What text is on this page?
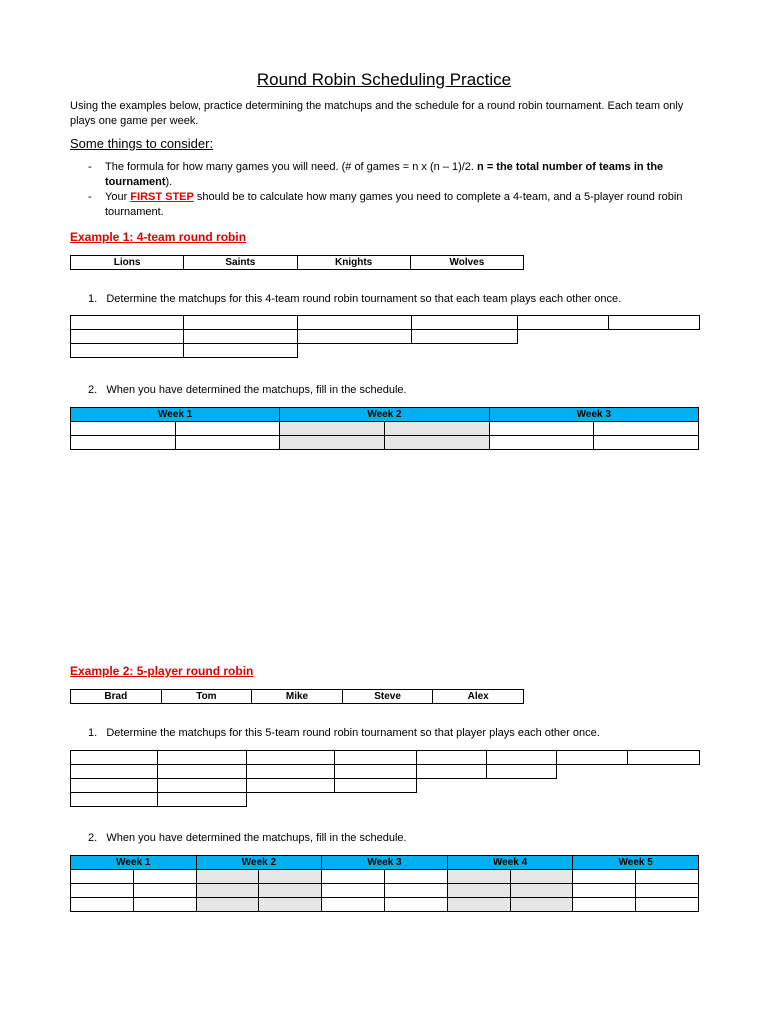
Round Robin Scheduling Practice
Using the examples below, practice determining the matchups and the schedule for a round robin tournament. Each team only plays one game per week.
Some things to consider:
- The formula for how many games you will need. (# of games = n x (n – 1)/2. n = the total number of teams in the tournament).
- Your FIRST STEP should be to calculate how many games you need to complete a 4-team, and a 5-player round robin tournament.
Example 1: 4-team round robin
Lions	Saints	Knights	Wolves
1.   Determine the matchups for this 4-team round robin tournament so that each team plays each other once.

2.   When you have determined the matchups, fill in the schedule.
Week 1		Week 2		Week 3	

Example 2: 5-player round robin
Brad	Tom	Mike	Steve	Alex
1.   Determine the matchups for this 5-team round robin tournament so that player plays each other once.

2.   When you have determined the matchups, fill in the schedule.
Week 1		Week 2		Week 3		Week 4		Week 5	
